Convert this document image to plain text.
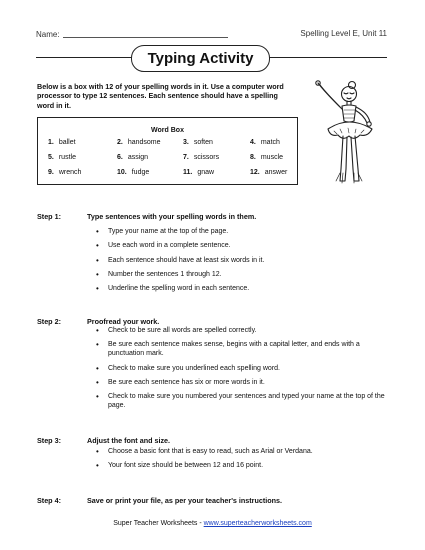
Name:	Spelling Level E, Unit 11
Typing Activity
Below is a box with 12 of your spelling words in it. Use a computer word processor to type 12 sentences. Each sentence should have a spelling word in it.
Word Box
1. ballet	2. handsome	3. soften	4. match
5. rustle	6. assign	7. scissors	8. muscle
9. wrench	10. fudge	11. gnaw	12. answer
Step 1:	Type sentences with your spelling words in them.
• Type your name at the top of the page.
• Use each word in a complete sentence.
• Each sentence should have at least six words in it.
• Number the sentences 1 through 12.
• Underline the spelling word in each sentence.
Step 2:	Proofread your work.
• Check to be sure all words are spelled correctly.
• Be sure each sentence makes sense, begins with a capital letter, and ends with a punctuation mark.
• Check to make sure you underlined each spelling word.
• Be sure each sentence has six or more words in it.
• Check to make sure you numbered your sentences and typed your name at the top of the page.
Step 3:	Adjust the font and size.
• Choose a basic font that is easy to read, such as Arial or Verdana.
• Your font size should be between 12 and 16 point.
Step 4:	Save or print your file, as per your teacher's instructions.
Super Teacher Worksheets - www.superteacherworksheets.com
